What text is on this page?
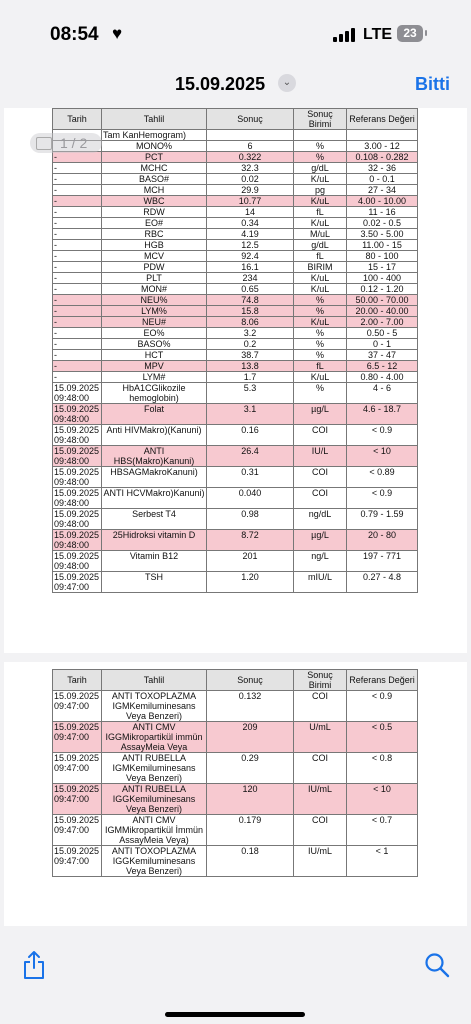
08:54 ♥	LTE 23
15.09.2025	⌄	Bitti
Tarih	Tahlil	Sonuç	Sonuç Birimi	Referans Değeri
	Tam KanHemogram)			
	MONO%	6	%	3.00 - 12
-	PCT	0.322	%	0.108 - 0.282
-	MCHC	32.3	g/dL	32 - 36
-	BASO#	0.02	K/uL	0 - 0.1
-	MCH	29.9	pg	27 - 34
-	WBC	10.77	K/uL	4.00 - 10.00
-	RDW	14	fL	11 - 16
-	EO#	0.34	K/uL	0.02 - 0.5
-	RBC	4.19	M/uL	3.50 - 5.00
-	HGB	12.5	g/dL	11.00 - 15
-	MCV	92.4	fL	80 - 100
-	PDW	16.1	BIRIM	15 - 17
-	PLT	234	K/uL	100 - 400
-	MON#	0.65	K/uL	0.12 - 1.20
-	NEU%	74.8	%	50.00 - 70.00
-	LYM%	15.8	%	20.00 - 40.00
-	NEU#	8.06	K/uL	2.00 - 7.00
-	EO%	3.2	%	0.50 - 5
-	BASO%	0.2	%	0 - 1
-	HCT	38.7	%	37 - 47
-	MPV	13.8	fL	6.5 - 12
-	LYM#	1.7	K/uL	0.80 - 4.00
15.09.2025 09:48:00	HbA1CGlikozile hemoglobin)	5.3	%	4 - 6
15.09.2025 09:48:00	Folat	3.1	µg/L	4.6 - 18.7
15.09.2025 09:48:00	Anti HIVMakro)(Kanuni)	0.16	COI	< 0.9
15.09.2025 09:48:00	ANTI HBS(Makro)Kanuni)	26.4	IU/L	< 10
15.09.2025 09:48:00	HBSAGMakroKanuni)	0.31	COI	< 0.89
15.09.2025 09:48:00	ANTI HCVMakro)Kanuni)	0.040	COI	< 0.9
15.09.2025 09:48:00	Serbest T4	0.98	ng/dL	0.79 - 1.59
15.09.2025 09:48:00	25Hidroksi vitamin D	8.72	µg/L	20 - 80
15.09.2025 09:48:00	Vitamin B12	201	ng/L	197 - 771
15.09.2025 09:47:00	TSH	1.20	mIU/L	0.27 - 4.8
1 / 2
Tarih	Tahlil	Sonuç	Sonuç Birimi	Referans Değeri
15.09.2025 09:47:00	ANTI TOXOPLAZMA IGMKemiluminesans Veya Benzeri)	0.132	COI	< 0.9
15.09.2025 09:47:00	ANTI CMV IGGMikropartikül immün AssayMeia Veya	209	U/mL	< 0.5
15.09.2025 09:47:00	ANTI RUBELLA IGMKemiluminesans Veya Benzeri)	0.29	COI	< 0.8
15.09.2025 09:47:00	ANTI RUBELLA IGGKemiluminesans Veya Benzeri)	120	IU/mL	< 10
15.09.2025 09:47:00	ANTI CMV IGMMikropartikül İmmün AssayMeia Veya)	0.179	COI	< 0.7
15.09.2025 09:47:00	ANTI TOXOPLAZMA IGGKemiluminesans Veya Benzeri)	0.18	IU/mL	< 1
